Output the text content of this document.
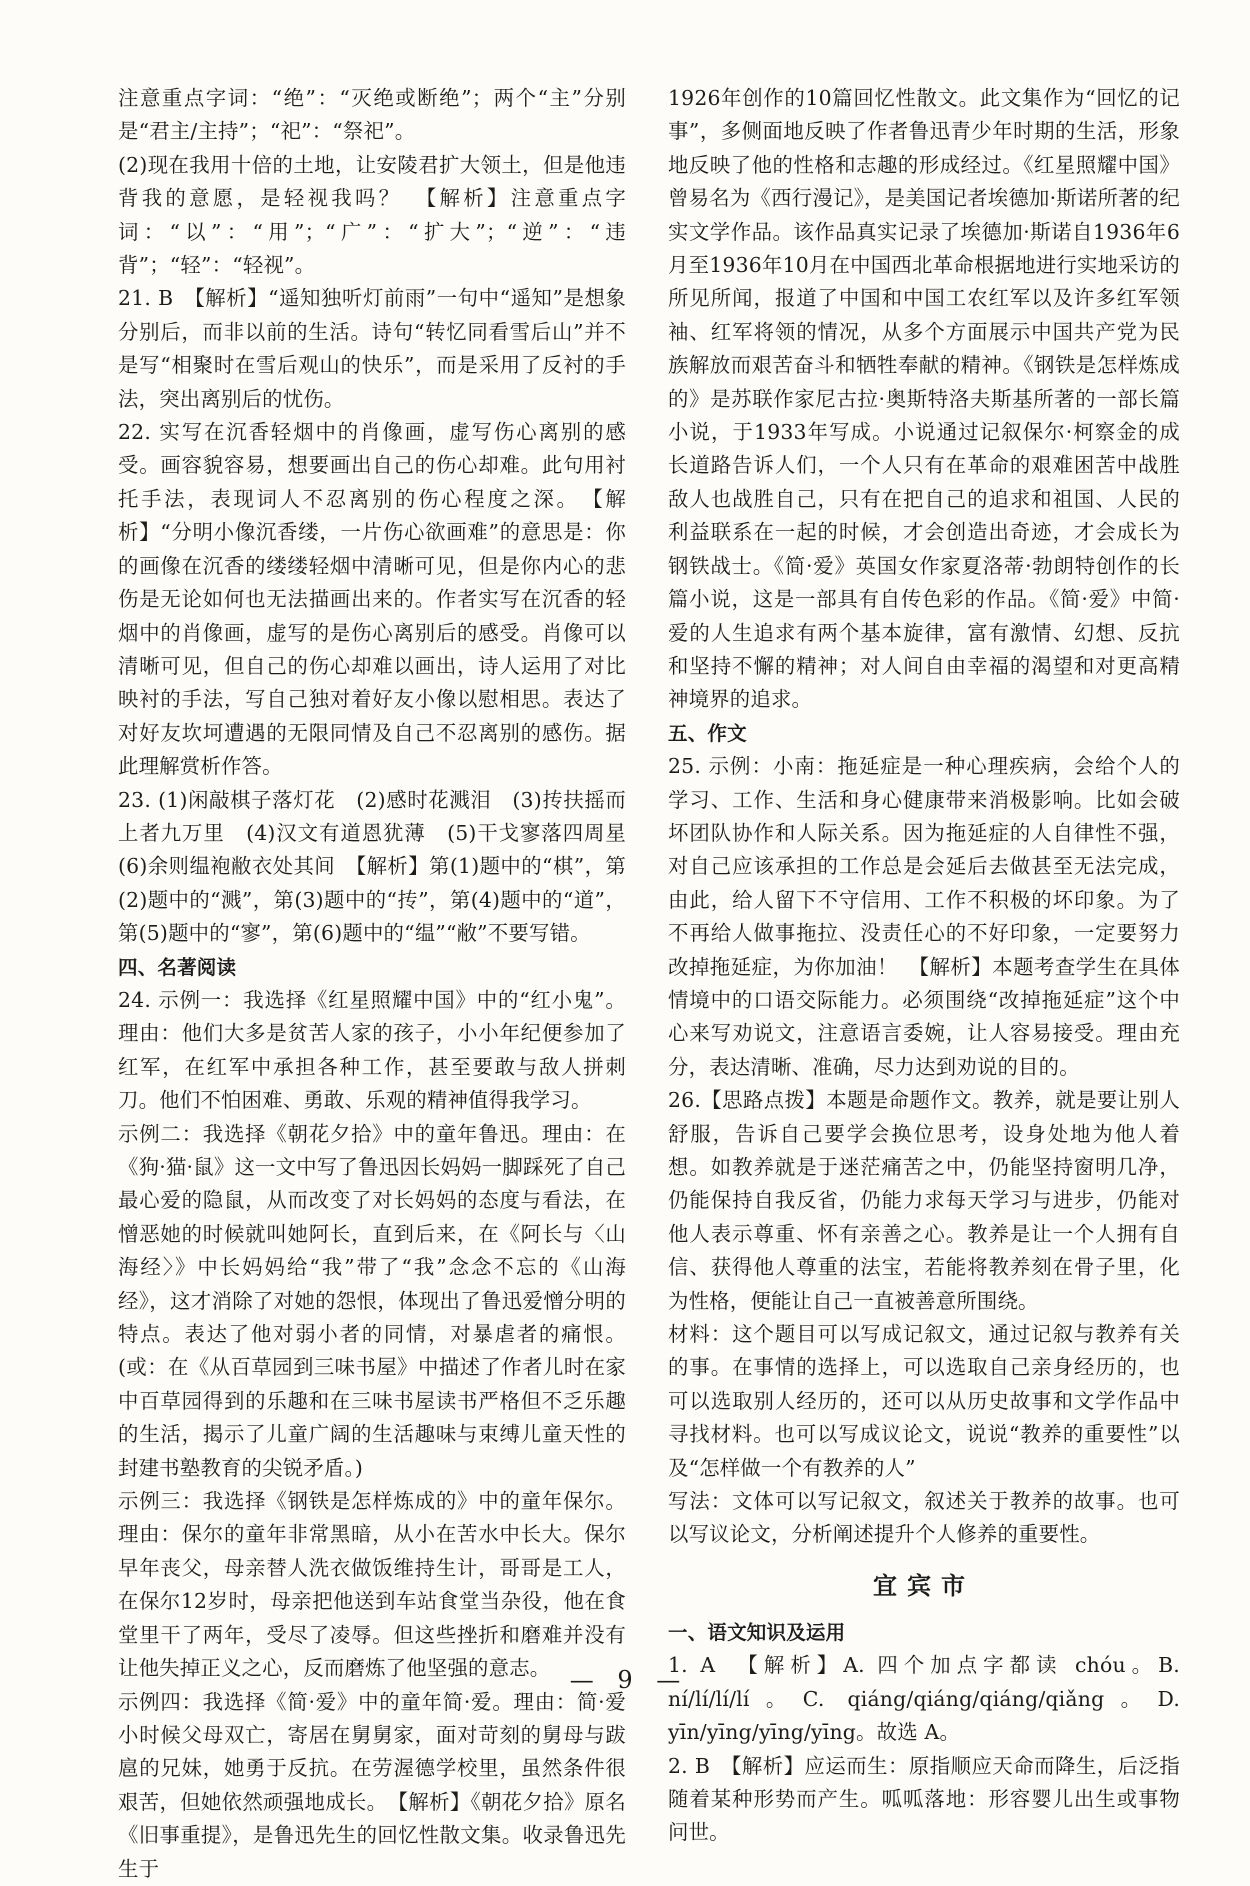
注意重点字词：“绝”：“灭绝或断绝”；两个“主”分别是“君主/主持”；“祀”：“祭祀”。

(2)现在我用十倍的土地，让安陵君扩大领土，但是他违背我的意愿，是轻视我吗？　【解析】注意重点字词：“以”：“用”；“广”：“扩大”；“逆”：“违背”；“轻”：“轻视”。

21. B　【解析】“遥知独听灯前雨”一句中“遥知”是想象分别后，而非以前的生活。诗句“转忆同看雪后山”并不是写“相聚时在雪后观山的快乐”，而是采用了反衬的手法，突出离别后的忧伤。

22. 实写在沉香轻烟中的肖像画，虚写伤心离别的感受。画容貌容易，想要画出自己的伤心却难。此句用衬托手法，表现词人不忍离别的伤心程度之深。　【解析】“分明小像沉香缕，一片伤心欲画难”的意思是：你的画像在沉香的缕缕轻烟中清晰可见，但是你内心的悲伤是无论如何也无法描画出来的。作者实写在沉香的轻烟中的肖像画，虚写的是伤心离别后的感受。肖像可以清晰可见，但自己的伤心却难以画出，诗人运用了对比映衬的手法，写自己独对着好友小像以慰相思。表达了对好友坎坷遭遇的无限同情及自己不忍离别的感伤。据此理解赏析作答。

23. (1)闲敲棋子落灯花　(2)感时花溅泪　(3)抟扶摇而上者九万里　(4)汉文有道恩犹薄　(5)干戈寥落四周星　(6)余则缊袍敝衣处其间　【解析】第(1)题中的“棋”，第(2)题中的“溅”，第(3)题中的“抟”，第(4)题中的“道”，第(5)题中的“寥”，第(6)题中的“缊”“敝”不要写错。

四、名著阅读

24. 示例一：我选择《红星照耀中国》中的“红小鬼”。理由：他们大多是贫苦人家的孩子，小小年纪便参加了红军，在红军中承担各种工作，甚至要敢与敌人拼刺刀。他们不怕困难、勇敢、乐观的精神值得我学习。

示例二：我选择《朝花夕拾》中的童年鲁迅。理由：在《狗·猫·鼠》这一文中写了鲁迅因长妈妈一脚踩死了自己最心爱的隐鼠，从而改变了对长妈妈的态度与看法，在憎恶她的时候就叫她阿长，直到后来，在《阿长与〈山海经〉》中长妈妈给“我”带了“我”念念不忘的《山海经》，这才消除了对她的怨恨，体现出了鲁迅爱憎分明的特点。表达了他对弱小者的同情，对暴虐者的痛恨。(或：在《从百草园到三味书屋》中描述了作者儿时在家中百草园得到的乐趣和在三味书屋读书严格但不乏乐趣的生活，揭示了儿童广阔的生活趣味与束缚儿童天性的封建书塾教育的尖锐矛盾。)

示例三：我选择《钢铁是怎样炼成的》中的童年保尔。理由：保尔的童年非常黑暗，从小在苦水中长大。保尔早年丧父，母亲替人洗衣做饭维持生计，哥哥是工人，在保尔12岁时，母亲把他送到车站食堂当杂役，他在食堂里干了两年，受尽了凌辱。但这些挫折和磨难并没有让他失掉正义之心，反而磨炼了他坚强的意志。

示例四：我选择《简·爱》中的童年简·爱。理由：简·爱小时候父母双亡，寄居在舅舅家，面对苛刻的舅母与跋扈的兄妹，她勇于反抗。在劳渥德学校里，虽然条件很艰苦，但她依然顽强地成长。　【解析】《朝花夕拾》原名《旧事重提》，是鲁迅先生的回忆性散文集。收录鲁迅先生于

1926年创作的10篇回忆性散文。此文集作为“回忆的记事”，多侧面地反映了作者鲁迅青少年时期的生活，形象地反映了他的性格和志趣的形成经过。《红星照耀中国》曾易名为《西行漫记》，是美国记者埃德加·斯诺所著的纪实文学作品。该作品真实记录了埃德加·斯诺自1936年6月至1936年10月在中国西北革命根据地进行实地采访的所见所闻，报道了中国和中国工农红军以及许多红军领袖、红军将领的情况，从多个方面展示中国共产党为民族解放而艰苦奋斗和牺牲奉献的精神。《钢铁是怎样炼成的》是苏联作家尼古拉·奥斯特洛夫斯基所著的一部长篇小说，于1933年写成。小说通过记叙保尔·柯察金的成长道路告诉人们，一个人只有在革命的艰难困苦中战胜敌人也战胜自己，只有在把自己的追求和祖国、人民的利益联系在一起的时候，才会创造出奇迹，才会成长为钢铁战士。《简·爱》英国女作家夏洛蒂·勃朗特创作的长篇小说，这是一部具有自传色彩的作品。《简·爱》中简·爱的人生追求有两个基本旋律，富有激情、幻想、反抗和坚持不懈的精神；对人间自由幸福的渴望和对更高精神境界的追求。

五、作文

25. 示例：小南：拖延症是一种心理疾病，会给个人的学习、工作、生活和身心健康带来消极影响。比如会破坏团队协作和人际关系。因为拖延症的人自律性不强，对自己应该承担的工作总是会延后去做甚至无法完成，由此，给人留下不守信用、工作不积极的坏印象。为了不再给人做事拖拉、没责任心的不好印象，一定要努力改掉拖延症，为你加油！　【解析】本题考查学生在具体情境中的口语交际能力。必须围绕“改掉拖延症”这个中心来写劝说文，注意语言委婉，让人容易接受。理由充分，表达清晰、准确，尽力达到劝说的目的。

26.【思路点拨】本题是命题作文。教养，就是要让别人舒服，告诉自己要学会换位思考，设身处地为他人着想。如教养就是于迷茫痛苦之中，仍能坚持窗明几净，仍能保持自我反省，仍能力求每天学习与进步，仍能对他人表示尊重、怀有亲善之心。教养是让一个人拥有自信、获得他人尊重的法宝，若能将教养刻在骨子里，化为性格，便能让自己一直被善意所围绕。

材料：这个题目可以写成记叙文，通过记叙与教养有关的事。在事情的选择上，可以选取自己亲身经历的，也可以选取别人经历的，还可以从历史故事和文学作品中寻找材料。也可以写成议论文，说说“教养的重要性”以及“怎样做一个有教养的人”

写法：文体可以写记叙文，叙述关于教养的故事。也可以写议论文，分析阐述提升个人修养的重要性。

宜宾市

一、语文知识及运用

1. A　【解析】A. 四个加点字都读 chóu。B. ní/lí/lí/lí。C. qiáng/qiáng/qiáng/qiǎng。D. yīn/yīng/yīng/yīng。故选 A。

2. B　【解析】应运而生：原指顺应天命而降生，后泛指随着某种形势而产生。呱呱落地：形容婴儿出生或事物问世。

— 9 —
